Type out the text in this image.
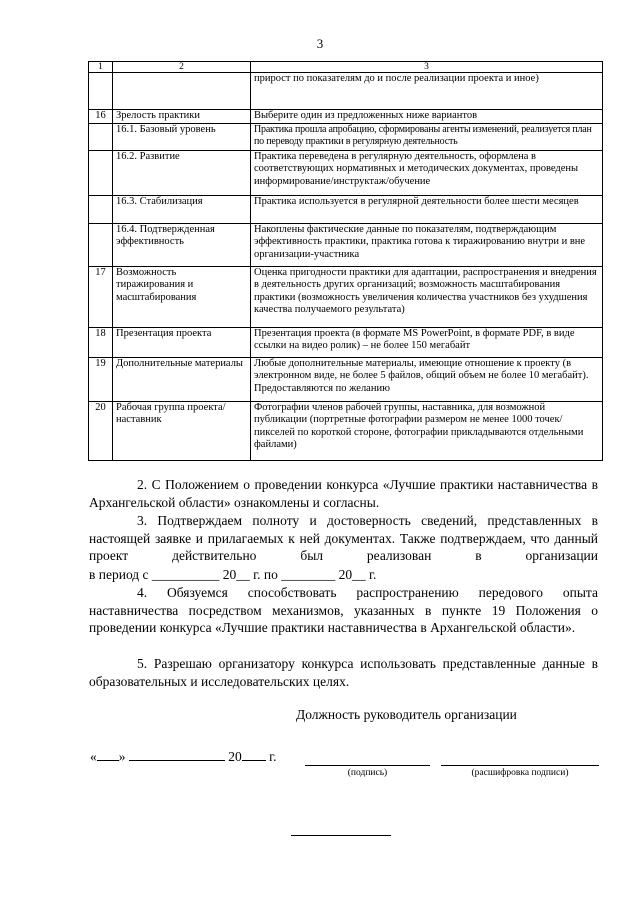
3
1	2	3
		прирост по показателям до и после реализации проекта и иное)
16	Зрелость практики	Выберите один из предложенных ниже вариантов
	16.1. Базовый уровень	Практика прошла апробацию, сформированы агенты изменений, реализуется план по переводу практики в регулярную деятельность
	16.2. Развитие	Практика переведена в регулярную деятельность, оформлена в соответствующих нормативных и методических документах, проведены информирование/инструктаж/обучение
	16.3. Стабилизация	Практика используется в регулярной деятельности более шести месяцев
	16.4. Подтвержденная эффективность	Накоплены фактические данные по показателям, подтверждающим эффективность практики, практика готова к тиражированию внутри и вне организации-участника
17	Возможность тиражирования и масштабирования	Оценка пригодности практики для адаптации, распространения и внедрения в деятельность других организаций; возможность масштабирования практики (возможность увеличения количества участников без ухудшения качества получаемого результата)
18	Презентация проекта	Презентация проекта (в формате MS PowerPoint, в формате PDF, в виде ссылки на видео ролик) – не более 150 мегабайт
19	Дополнительные материалы	Любые дополнительные материалы, имеющие отношение к проекту (в электронном виде, не более 5 файлов, общий объем не более 10 мегабайт). Предоставляются по желанию
20	Рабочая группа проекта/наставник	Фотографии членов рабочей группы, наставника, для возможной публикации (портретные фотографии размером не менее 1000 точек/пикселей по короткой стороне, фотографии прикладываются отдельными файлами)

2. С Положением о проведении конкурса «Лучшие практики наставничества в Архангельской области» ознакомлены и согласны.

3. Подтверждаем полноту и достоверность сведений, представленных в настоящей заявке и прилагаемых к ней документах. Также подтверждаем, что данный проект действительно был реализован в организации

в период с __________ 20__ г. по ________ 20__ г.

4. Обязуемся способствовать распространению передового опыта наставничества посредством механизмов, указанных в пункте 19 Положения о проведении конкурса «Лучшие практики наставничества в Архангельской области».

5. Разрешаю организатору конкурса использовать представленные данные в образовательных и исследовательских целях.

Должность руководитель организации
« »	20 г.
(подпись)	(расшифровка подписи)
